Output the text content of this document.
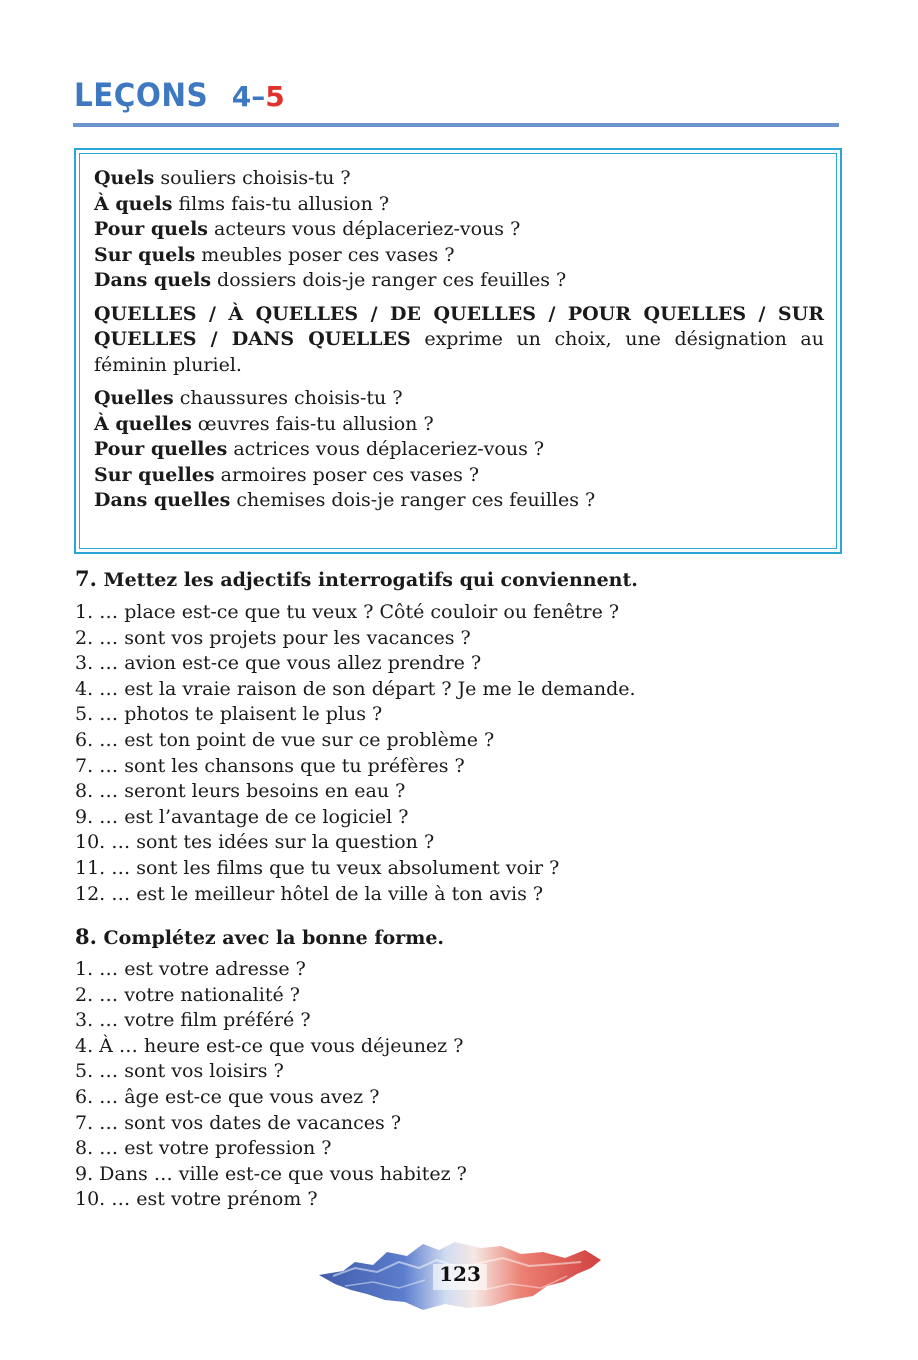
LEÇONS 4–5
Quels souliers choisis-tu ?
À quels films fais-tu allusion ?
Pour quels acteurs vous déplaceriez-vous ?
Sur quels meubles poser ces vases ?
Dans quels dossiers dois-je ranger ces feuilles ?

QUELLES / À QUELLES / DE QUELLES / POUR QUELLES / SUR QUELLES / DANS QUELLES exprime un choix, une désignation au féminin pluriel.

Quelles chaussures choisis-tu ?
À quelles œuvres fais-tu allusion ?
Pour quelles actrices vous déplaceriez-vous ?
Sur quelles armoires poser ces vases ?
Dans quelles chemises dois-je ranger ces feuilles ?
7. Mettez les adjectifs interrogatifs qui conviennent.
1. … place est-ce que tu veux ? Côté couloir ou fenêtre ?
2. … sont vos projets pour les vacances ?
3. … avion est-ce que vous allez prendre ?
4. … est la vraie raison de son départ ? Je me le demande.
5. … photos te plaisent le plus ?
6. … est ton point de vue sur ce problème ?
7. … sont les chansons que tu préfères ?
8. … seront leurs besoins en eau ?
9. … est l’avantage de ce logiciel ?
10. … sont tes idées sur la question ?
11. … sont les films que tu veux absolument voir ?
12. … est le meilleur hôtel de la ville à ton avis ?
8. Complétez avec la bonne forme.
1. … est votre adresse ?
2. … votre nationalité ?
3. … votre film préféré ?
4. À … heure est-ce que vous déjeunez ?
5. … sont vos loisirs ?
6. … âge est-ce que vous avez ?
7. … sont vos dates de vacances ?
8. … est votre profession ?
9. Dans … ville est-ce que vous habitez ?
10. … est votre prénom ?
123
